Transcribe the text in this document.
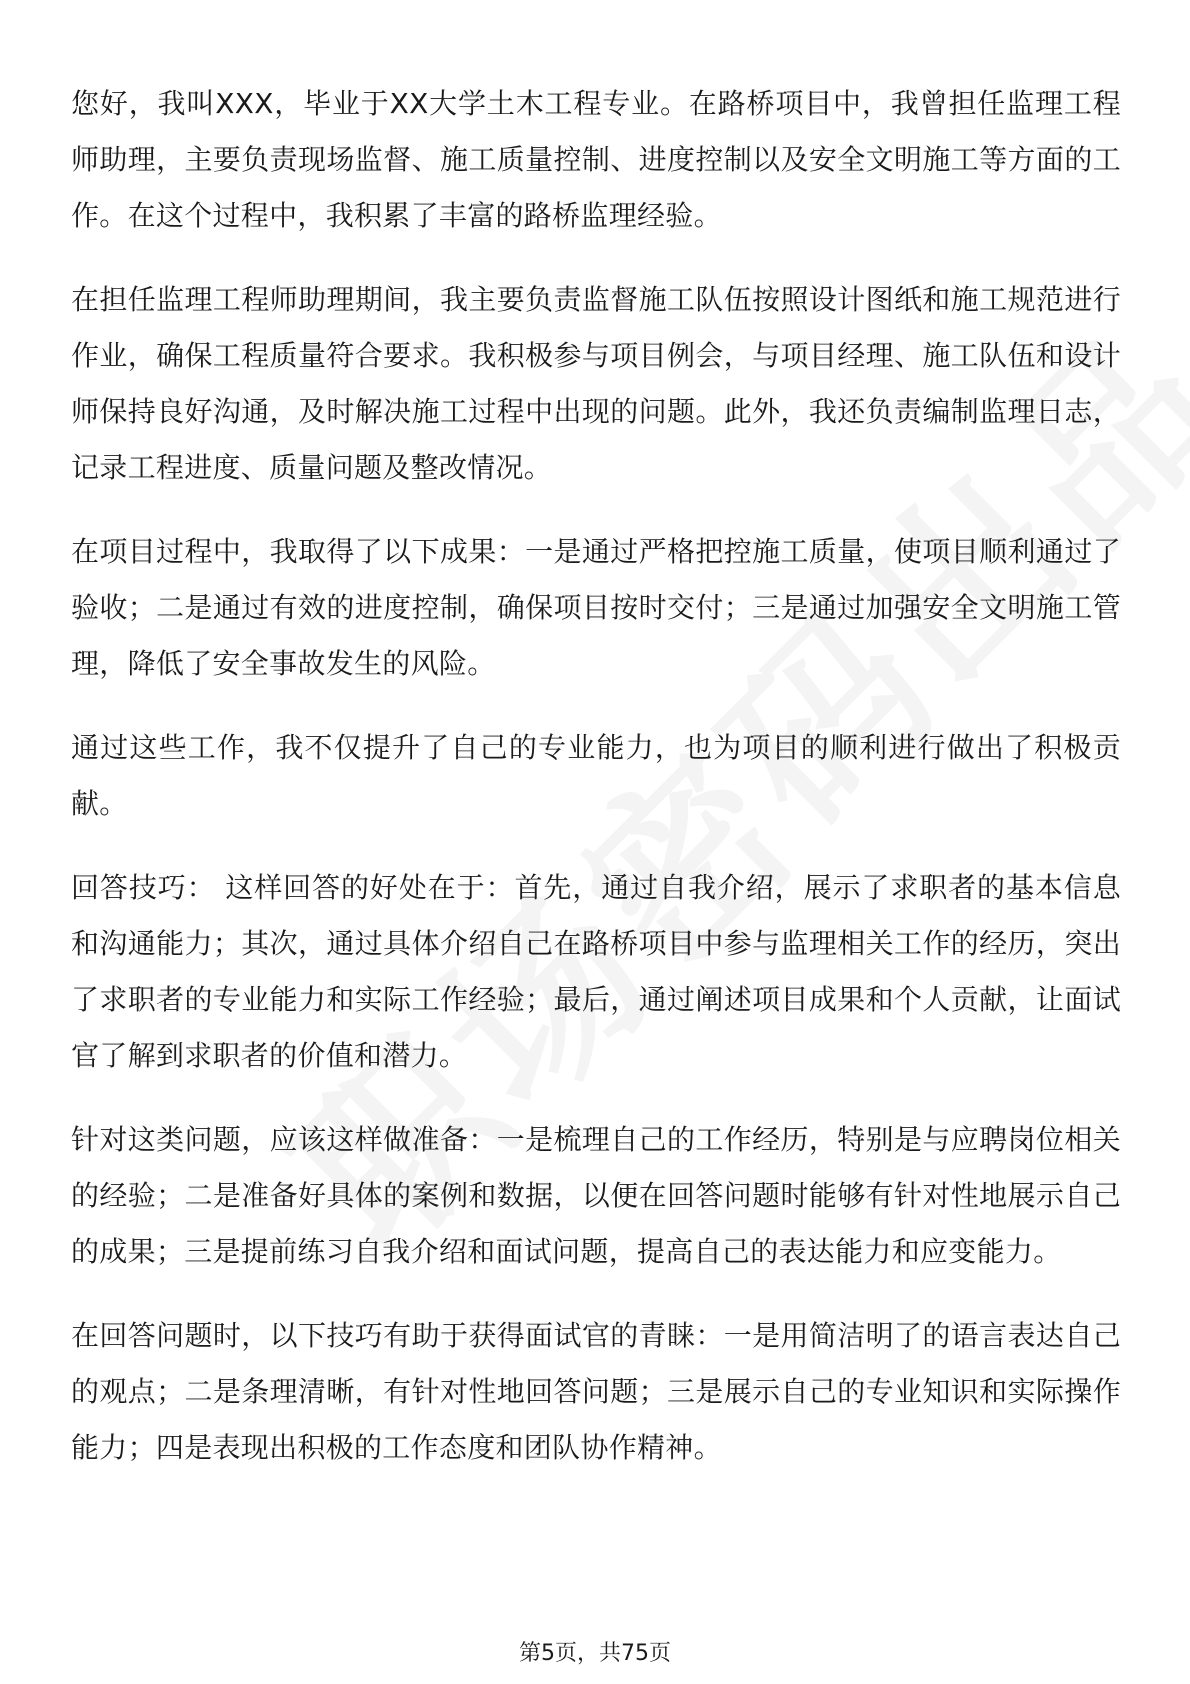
您好，我叫XXX，毕业于XX大学土木工程专业。在路桥项目中，我曾担任监理工程师助理，主要负责现场监督、施工质量控制、进度控制以及安全文明施工等方面的工作。在这个过程中，我积累了丰富的路桥监理经验。

在担任监理工程师助理期间，我主要负责监督施工队伍按照设计图纸和施工规范进行作业，确保工程质量符合要求。我积极参与项目例会，与项目经理、施工队伍和设计师保持良好沟通，及时解决施工过程中出现的问题。此外，我还负责编制监理日志，记录工程进度、质量问题及整改情况。

在项目过程中，我取得了以下成果：一是通过严格把控施工质量，使项目顺利通过了验收；二是通过有效的进度控制，确保项目按时交付；三是通过加强安全文明施工管理，降低了安全事故发生的风险。

通过这些工作，我不仅提升了自己的专业能力，也为项目的顺利进行做出了积极贡献。

回答技巧： 这样回答的好处在于：首先，通过自我介绍，展示了求职者的基本信息和沟通能力；其次，通过具体介绍自己在路桥项目中参与监理相关工作的经历，突出了求职者的专业能力和实际工作经验；最后，通过阐述项目成果和个人贡献，让面试官了解到求职者的价值和潜力。

针对这类问题，应该这样做准备：一是梳理自己的工作经历，特别是与应聘岗位相关的经验；二是准备好具体的案例和数据，以便在回答问题时能够有针对性地展示自己的成果；三是提前练习自我介绍和面试问题，提高自己的表达能力和应变能力。

在回答问题时，以下技巧有助于获得面试官的青睐：一是用简洁明了的语言表达自己的观点；二是条理清晰，有针对性地回答问题；三是展示自己的专业知识和实际操作能力；四是表现出积极的工作态度和团队协作精神。

第5页，共75页
